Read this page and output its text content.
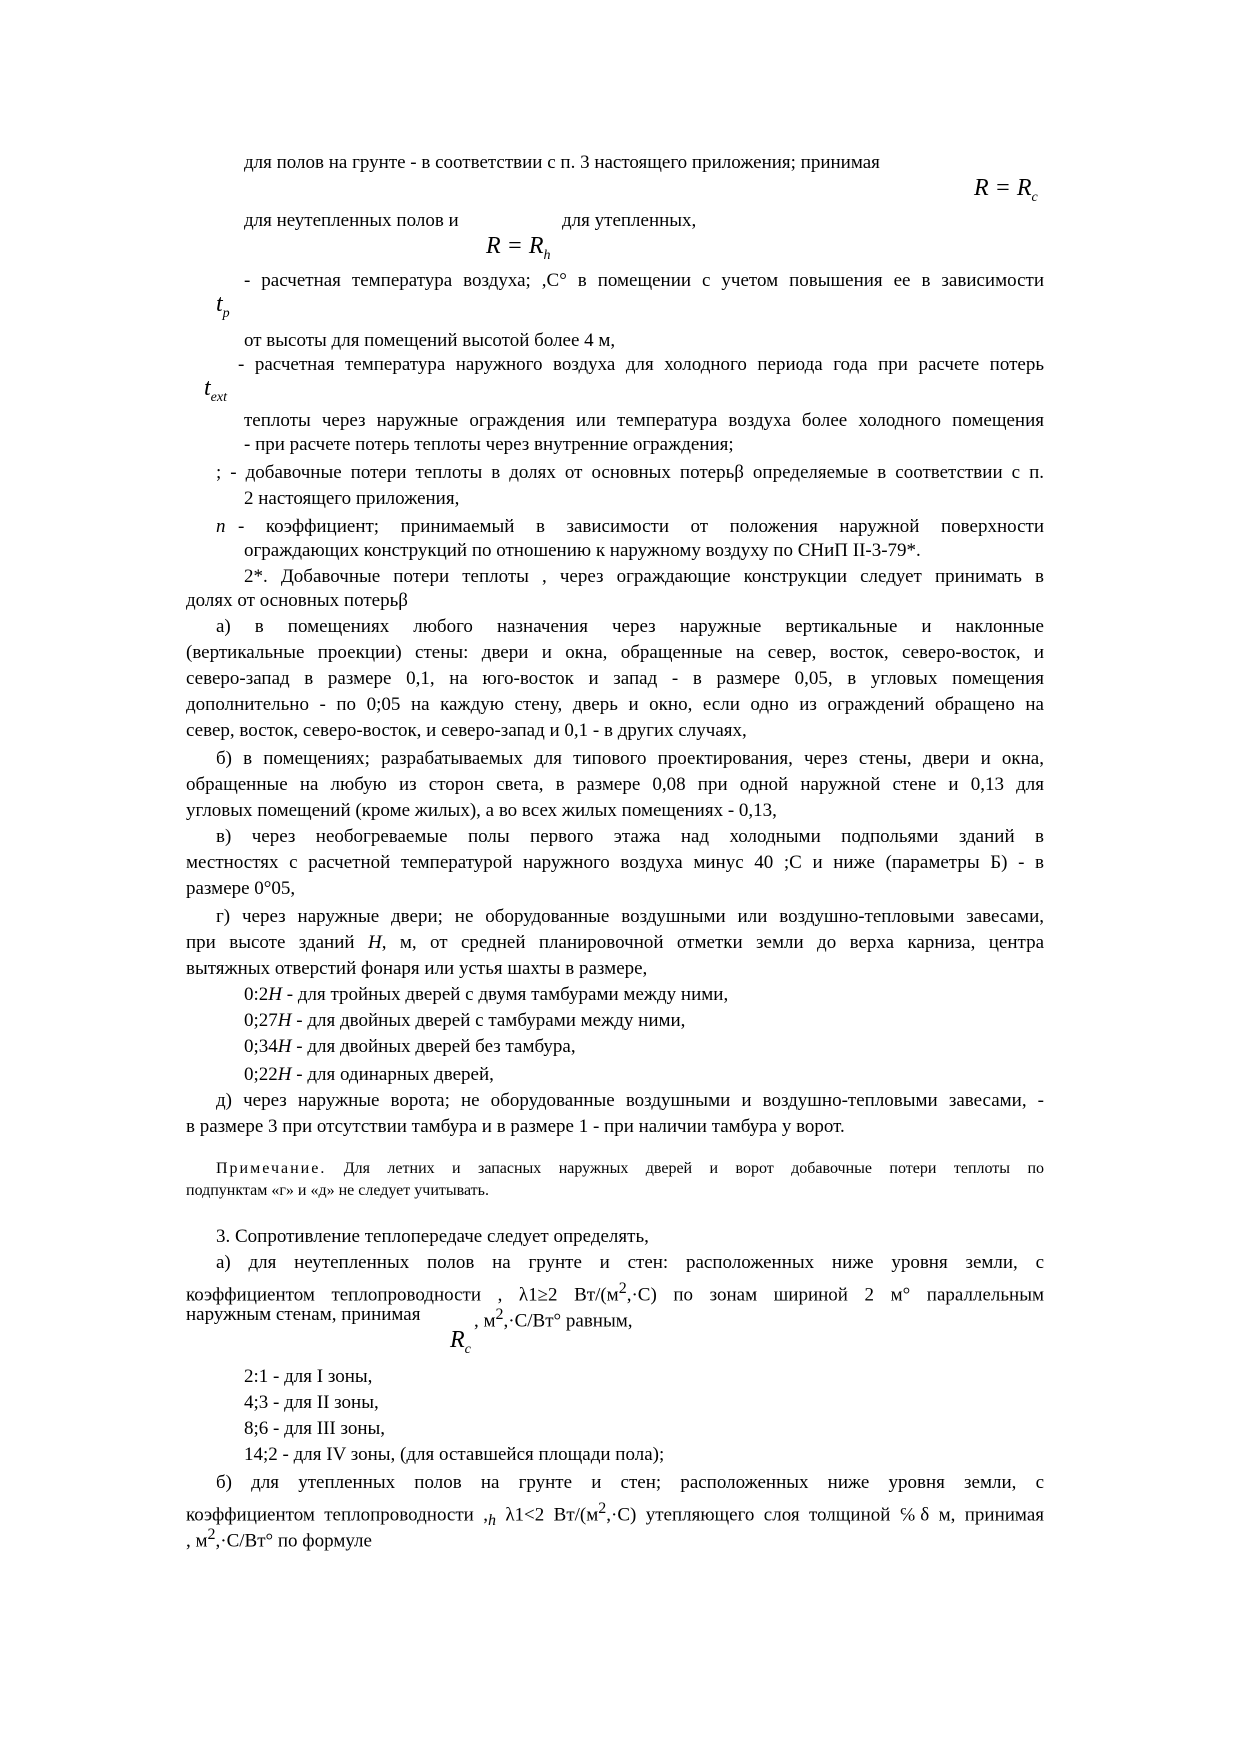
для полов на грунте - в соответствии с п. 3 настоящего приложения; принимая
$R = R_c$
для неутепленных полов и	для утепленных,
$R = R_h$
- расчетная температура воздуха; ,С° в помещении с учетом повышения ее в зависимости
$t_p$
от высоты для помещений высотой более 4 м,
- расчетная температура наружного воздуха для холодного периода года при расчете потерь
$t_{ext}$
теплоты через наружные ограждения или температура воздуха более холодного помещения
- при расчете потерь теплоты через внутренние ограждения;
; - добавочные потери теплоты в долях от основных потерьβ определяемые в соответствии с п.
2 настоящего приложения,
n - коэффициент; принимаемый в зависимости от положения наружной поверхности
ограждающих конструкций по отношению к наружному воздуху по СНиП II-3-79*.
2*. Добавочные потери теплоты , через ограждающие конструкции следует принимать в
долях от основных потерьβ
а) в помещениях любого назначения через наружные вертикальные и наклонные
(вертикальные проекции) стены: двери и окна, обращенные на север, восток, северо-восток, и
северо-запад в размере 0,1, на юго-восток и запад - в размере 0,05, в угловых помещения
дополнительно - по 0;05 на каждую стену, дверь и окно, если одно из ограждений обращено на
север, восток, северо-восток, и северо-запад и 0,1 - в других случаях,
б) в помещениях; разрабатываемых для типового проектирования, через стены, двери и окна,
обращенные на любую из сторон света, в размере 0,08 при одной наружной стене и 0,13 для
угловых помещений (кроме жилых), а во всех жилых помещениях - 0,13,
в) через необогреваемые полы первого этажа над холодными подпольями зданий в
местностях с расчетной температурой наружного воздуха минус 40 ;С и ниже (параметры Б) - в
размере 0°05,
г) через наружные двери; не оборудованные воздушными или воздушно-тепловыми завесами,
при высоте зданий H, м, от средней планировочной отметки земли до верха карниза, центра
вытяжных отверстий фонаря или устья шахты в размере,
0:2H - для тройных дверей с двумя тамбурами между ними,
0;27H - для двойных дверей с тамбурами между ними,
0;34H - для двойных дверей без тамбура,
0;22H - для одинарных дверей,
д) через наружные ворота; не оборудованные воздушными и воздушно-тепловыми завесами, -
в размере 3 при отсутствии тамбура и в размере 1 - при наличии тамбура у ворот.
Примечание. Для летних и запасных наружных дверей и ворот добавочные потери теплоты по
подпунктам «г» и «д» не следует учитывать.
3. Сопротивление теплопередаче следует определять,
а) для неутепленных полов на грунте и стен: расположенных ниже уровня земли, с
коэффициентом теплопроводности , λ1≥2 $Вт/(м^2,\cdot С)$ по зонам шириной 2 м° параллельным
наружным стенам, принимая	, $м^2,\cdot С/Вт^\circ$ равным,
$R_c$
2:1 - для I зоны,
4;3 - для II зоны,
8;6 - для III зоны,
14;2 - для IV зоны, (для оставшейся площади пола);
б) для утепленных полов на грунте и стен; расположенных ниже уровня земли, с
коэффициентом теплопроводности $,_h$ λ1<2 $Вт/(м^2,\cdot С)$ утепляющего слоя толщиной ℅δ м, принимая
, $м^2,\cdot С/Вт^\circ$ по формуле
